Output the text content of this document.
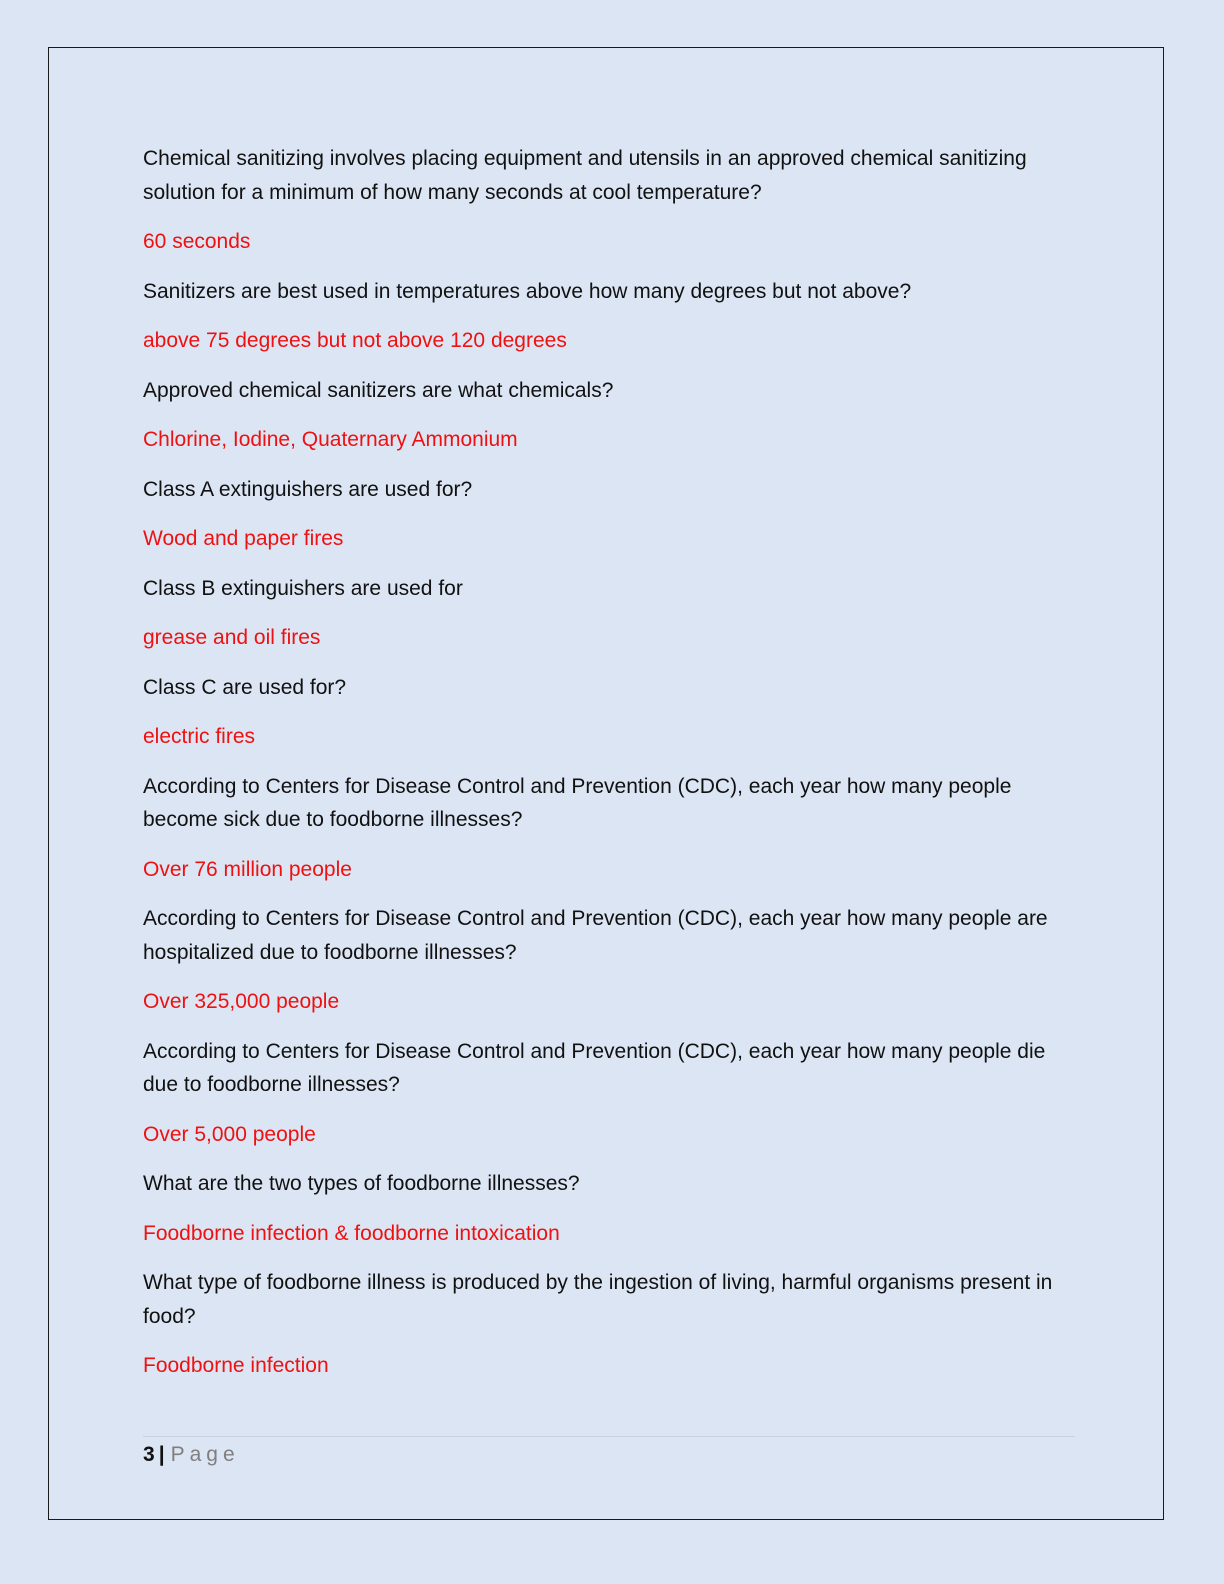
Chemical sanitizing involves placing equipment and utensils in an approved chemical sanitizing solution for a minimum of how many seconds at cool temperature?

60 seconds

Sanitizers are best used in temperatures above how many degrees but not above?

above 75 degrees but not above 120 degrees

Approved chemical sanitizers are what chemicals?

Chlorine, Iodine, Quaternary Ammonium

Class A extinguishers are used for?

Wood and paper fires

Class B extinguishers are used for

grease and oil fires

Class C are used for?

electric fires

According to Centers for Disease Control and Prevention (CDC), each year how many people become sick due to foodborne illnesses?

Over 76 million people

According to Centers for Disease Control and Prevention (CDC), each year how many people are hospitalized due to foodborne illnesses?

Over 325,000 people

According to Centers for Disease Control and Prevention (CDC), each year how many people die due to foodborne illnesses?

Over 5,000 people

What are the two types of foodborne illnesses?

Foodborne infection & foodborne intoxication

What type of foodborne illness is produced by the ingestion of living, harmful organisms present in food?

Foodborne infection

3 | Page
